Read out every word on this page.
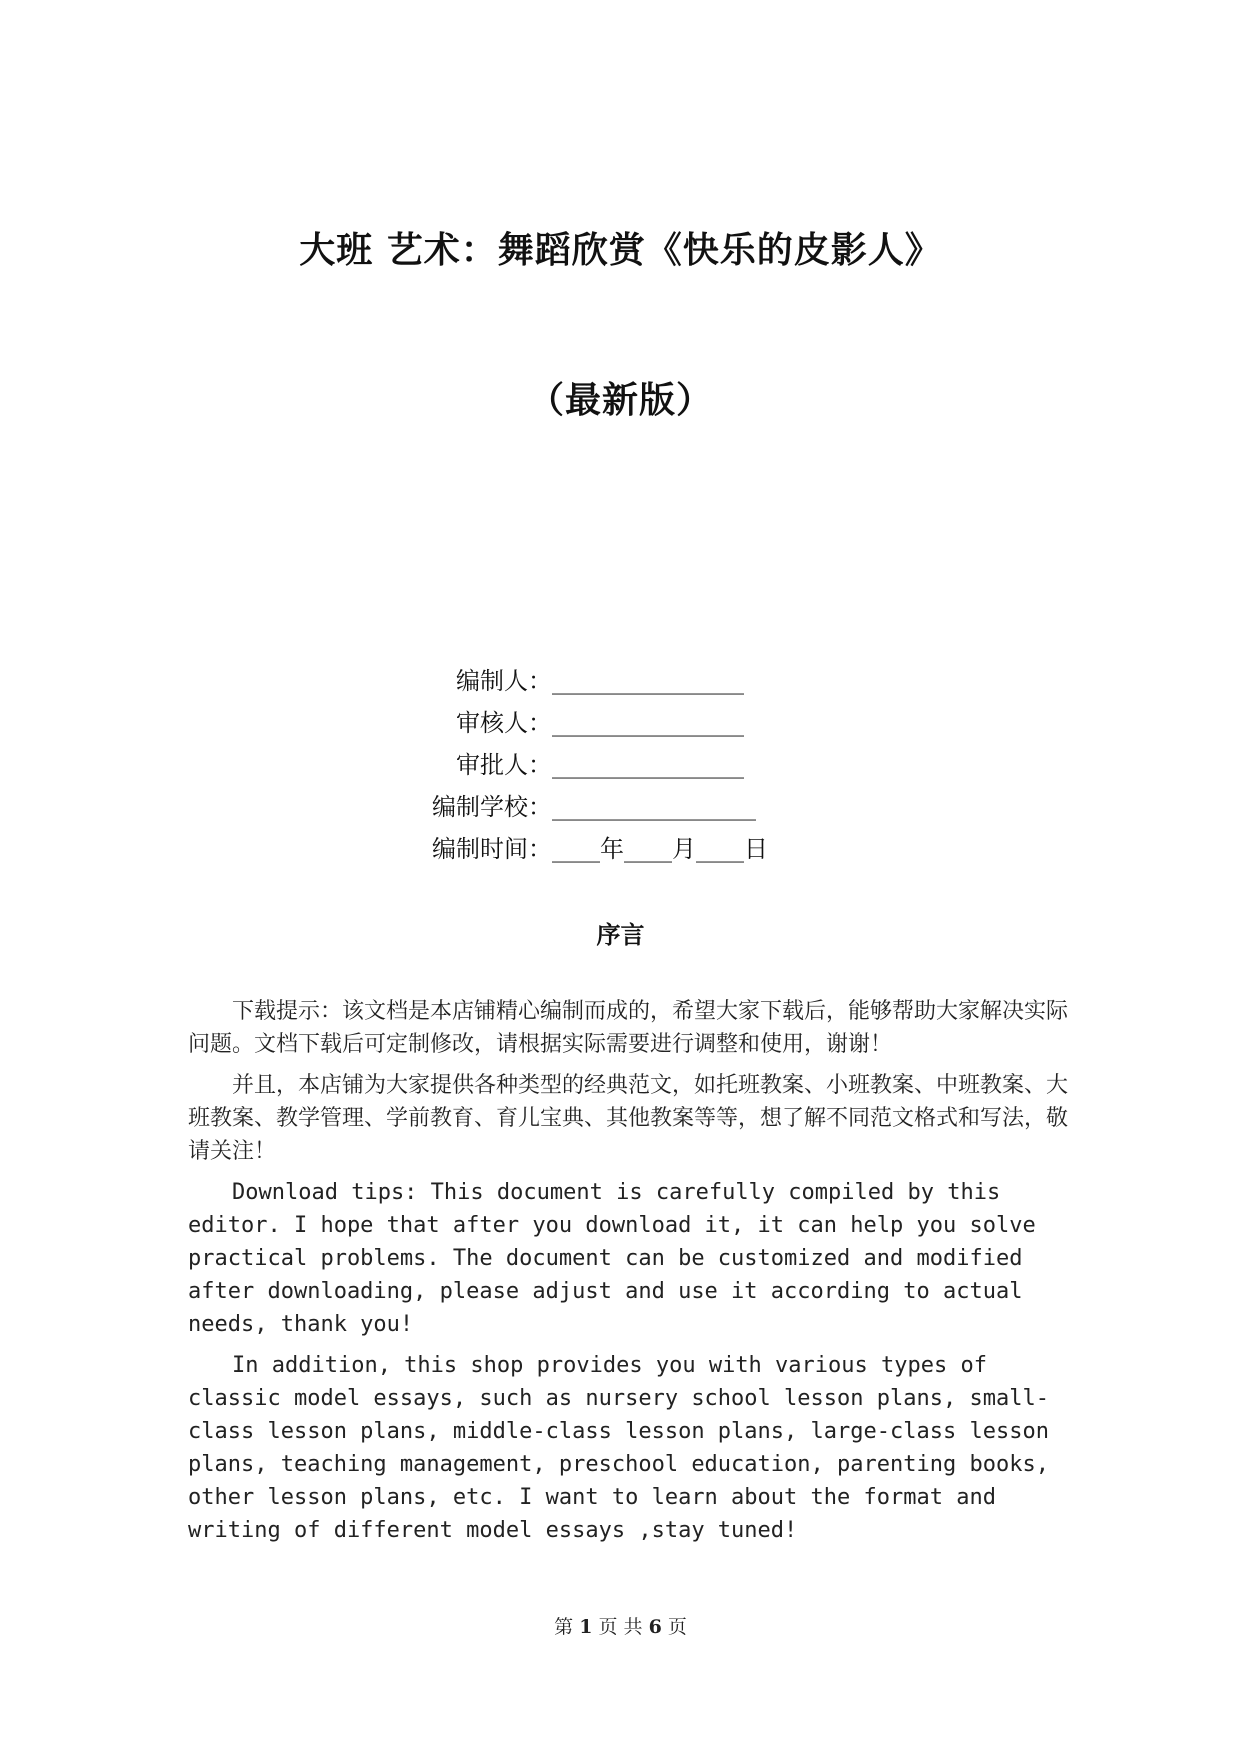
大班 艺术：舞蹈欣赏《快乐的皮影人》
（最新版）
编制人：________________
审核人：________________
审批人：________________
编制学校：_________________
编制时间：____年____月____日
序言

下载提示：该文档是本店铺精心编制而成的，希望大家下载后，能够帮助大家解决实际问题。文档下载后可定制修改，请根据实际需要进行调整和使用，谢谢！

并且，本店铺为大家提供各种类型的经典范文，如托班教案、小班教案、中班教案、大班教案、教学管理、学前教育、育儿宝典、其他教案等等，想了解不同范文格式和写法，敬请关注！

Download tips: This document is carefully compiled by this editor. I hope that after you download it, it can help you solve practical problems. The document can be customized and modified after downloading, please adjust and use it according to actual needs, thank you!

In addition, this shop provides you with various types of classic model essays, such as nursery school lesson plans, small-class lesson plans, middle-class lesson plans, large-class lesson plans, teaching management, preschool education, parenting books, other lesson plans, etc. I want to learn about the format and writing of different model essays ,stay tuned!

第 1 页 共 6 页
